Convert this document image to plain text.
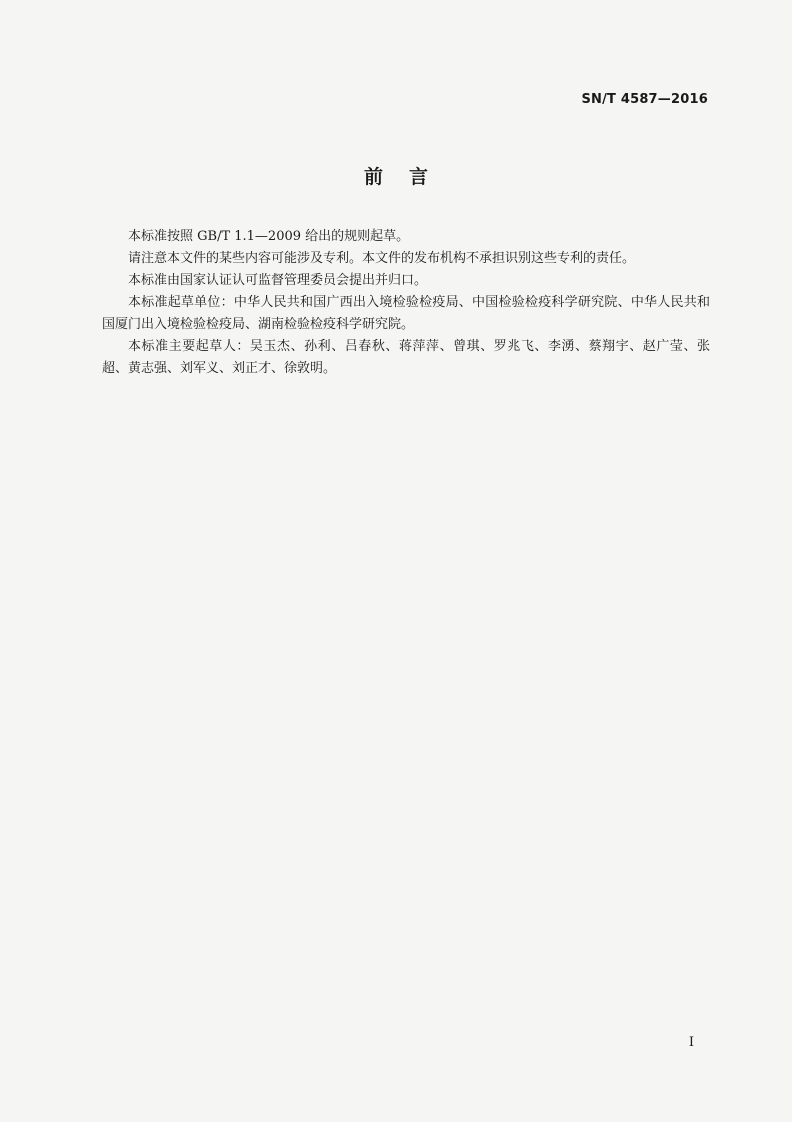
SN/T 4587—2016
前言

本标准按照 GB/T 1.1—2009 给出的规则起草。

请注意本文件的某些内容可能涉及专利。本文件的发布机构不承担识别这些专利的责任。

本标准由国家认证认可监督管理委员会提出并归口。

本标准起草单位：中华人民共和国广西出入境检验检疫局、中国检验检疫科学研究院、中华人民共和国厦门出入境检验检疫局、湖南检验检疫科学研究院。

本标准主要起草人：吴玉杰、孙利、吕春秋、蒋萍萍、曾琪、罗兆飞、李湧、蔡翔宇、赵广莹、张超、黄志强、刘军义、刘正才、徐敦明。

I
